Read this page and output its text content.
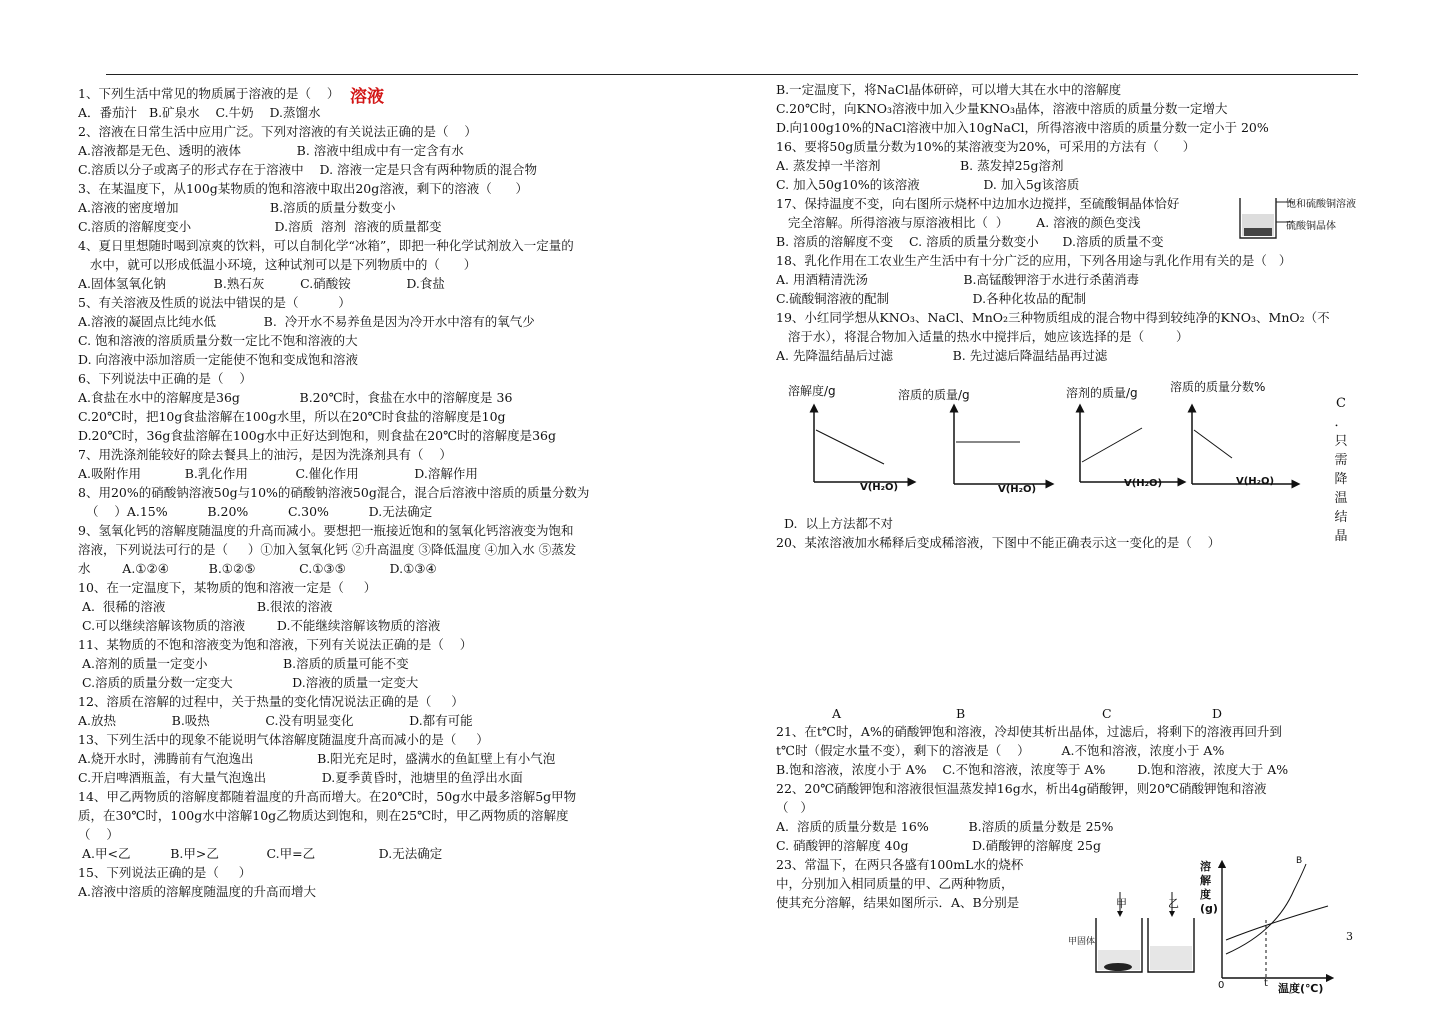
溶液
1、下列生活中常见的物质属于溶液的是（    ）
A．番茄汁   B.矿泉水    C.牛奶    D.蒸馏水
2、溶液在日常生活中应用广泛。下列对溶液的有关说法正确的是（    ）
A.溶液都是无色、透明的液体              B. 溶液中组成中有一定含有水
C.溶质以分子或离子的形式存在于溶液中    D. 溶液一定是只含有两种物质的混合物
3、在某温度下，从100g某物质的饱和溶液中取出20g溶液，剩下的溶液（      ）
A.溶液的密度增加                       B.溶质的质量分数变小
C.溶质的溶解度变小                     D.溶质  溶剂  溶液的质量都变
4、夏日里想随时喝到凉爽的饮料，可以自制化学“冰箱”，即把一种化学试剂放入一定量的
水中，就可以形成低温小环境，这种试剂可以是下列物质中的（      ）
A.固体氢氧化钠            B.熟石灰         C.硝酸铵              D.食盐
5、有关溶液及性质的说法中错误的是（          ）
A.溶液的凝固点比纯水低            B.  冷开水不易养鱼是因为冷开水中溶有的氧气少
C. 饱和溶液的溶质质量分数一定比不饱和溶液的大
D. 向溶液中添加溶质一定能使不饱和变成饱和溶液
6、下列说法中正确的是（    ）
A.食盐在水中的溶解度是36g               B.20℃时，食盐在水中的溶解度是 36
C.20℃时，把10g食盐溶解在100g水里，所以在20℃时食盐的溶解度是10g
D.20℃时，36g食盐溶解在100g水中正好达到饱和，则食盐在20℃时的溶解度是36g
7、用洗涤剂能较好的除去餐具上的油污，是因为洗涤剂具有（    ）
A.吸附作用           B.乳化作用            C.催化作用              D.溶解作用
8、用20%的硝酸钠溶液50g与10%的硝酸钠溶液50g混合，混合后溶液中溶质的质量分数为
（    ）A.15%          B.20%          C.30%          D.无法确定
9、氢氧化钙的溶解度随温度的升高而减小。要想把一瓶接近饱和的氢氧化钙溶液变为饱和
溶液，下列说法可行的是（     ）①加入氢氧化钙 ②升高温度 ③降低温度 ④加入水 ⑤蒸发
水        A.①②④          B.①②⑤           C.①③⑤           D.①③④
10、在一定温度下，某物质的饱和溶液一定是（     ）
A.  很稀的溶液                       B.很浓的溶液
C.可以继续溶解该物质的溶液        D.不能继续溶解该物质的溶液
11、某物质的不饱和溶液变为饱和溶液，下列有关说法正确的是（    ）
A.溶剂的质量一定变小                   B.溶质的质量可能不变
C.溶质的质量分数一定变大               D.溶液的质量一定变大
12、溶质在溶解的过程中，关于热量的变化情况说法正确的是（     ）
A.放热              B.吸热              C.没有明显变化              D.都有可能
13、下列生活中的现象不能说明气体溶解度随温度升高而减小的是（     ）
A.烧开水时，沸腾前有气泡逸出                B.阳光充足时，盛满水的鱼缸壁上有小气泡
C.开启啤酒瓶盖，有大量气泡逸出              D.夏季黄昏时，池塘里的鱼浮出水面
14、甲乙两物质的溶解度都随着温度的升高而增大。在20℃时，50g水中最多溶解5g甲物
质，在30℃时，100g水中溶解10g乙物质达到饱和，则在25℃时，甲乙两物质的溶解度
（    ）
A.甲<乙          B.甲>乙            C.甲=乙                D.无法确定
15、下列说法正确的是（     ）
A.溶液中溶质的溶解度随温度的升高而增大
B.一定温度下，将NaCl晶体研碎，可以增大其在水中的溶解度
C.20℃时，向KNO₃溶液中加入少量KNO₃晶体，溶液中溶质的质量分数一定增大
D.向100g10%的NaCl溶液中加入10gNaCl，所得溶液中溶质的质量分数一定小于 20%
16、要将50g质量分数为10%的某溶液变为20%，可采用的方法有（      ）
A. 蒸发掉一半溶剂                    B. 蒸发掉25g溶剂
C. 加入50g10%的该溶液                D. 加入5g该溶质
17、保持温度不变，向右图所示烧杯中边加水边搅拌，至硫酸铜晶体恰好
完全溶解。所得溶液与原溶液相比（  ）       A. 溶液的颜色变浅
B. 溶质的溶解度不变    C. 溶质的质量分数变小      D.溶质的质量不变
18、乳化作用在工农业生产生活中有十分广泛的应用，下列各用途与乳化作用有关的是（   ）
A. 用酒精清洗汤                        B.高锰酸钾溶于水进行杀菌消毒
C.硫酸铜溶液的配制                     D.各种化妆品的配制
19、小红同学想从KNO₃、NaCl、MnO₂三种物质组成的混合物中得到较纯净的KNO₃、MnO₂（不
溶于水），将混合物加入适量的热水中搅拌后，她应该选择的是（        ）
A. 先降温结晶后过滤               B. 先过滤后降温结晶再过滤
饱和硫酸铜溶液
硫酸铜晶体
溶解度/g	溶质的质量/g	溶剂的质量/g	溶质的质量分数%
V(H₂O)	V(H₂O)
V(H₂O)	V(H₂O)
C
．
只
需
降
温
结
晶
D.  以上方法都不对
20、某浓溶液加水稀释后变成稀溶液，下图中不能正确表示这一变化的是（    ）
A	B	C	D
21、在t℃时，A%的硝酸钾饱和溶液，冷却使其析出晶体，过滤后，将剩下的溶液再回升到
t℃时（假定水量不变），剩下的溶液是（    ）        A.不饱和溶液，浓度小于 A%
B.饱和溶液，浓度小于 A%    C.不饱和溶液，浓度等于 A%        D.饱和溶液，浓度大于 A%
22、20℃硝酸钾饱和溶液很恒温蒸发掉16g水，析出4g硝酸钾，则20℃硝酸钾饱和溶液
（   ）
A.  溶质的质量分数是 16%          B.溶质的质量分数是 25%
C. 硝酸钾的溶解度 40g                D.硝酸钾的溶解度 25g
23、常温下，在两只各盛有100mL水的烧杯
中，分别加入相同质量的甲、乙两种物质，
使其充分溶解，结果如图所示．A、B分别是	甲	乙
甲固体
溶解度(g)
温度(℃)
0	t
B
3
